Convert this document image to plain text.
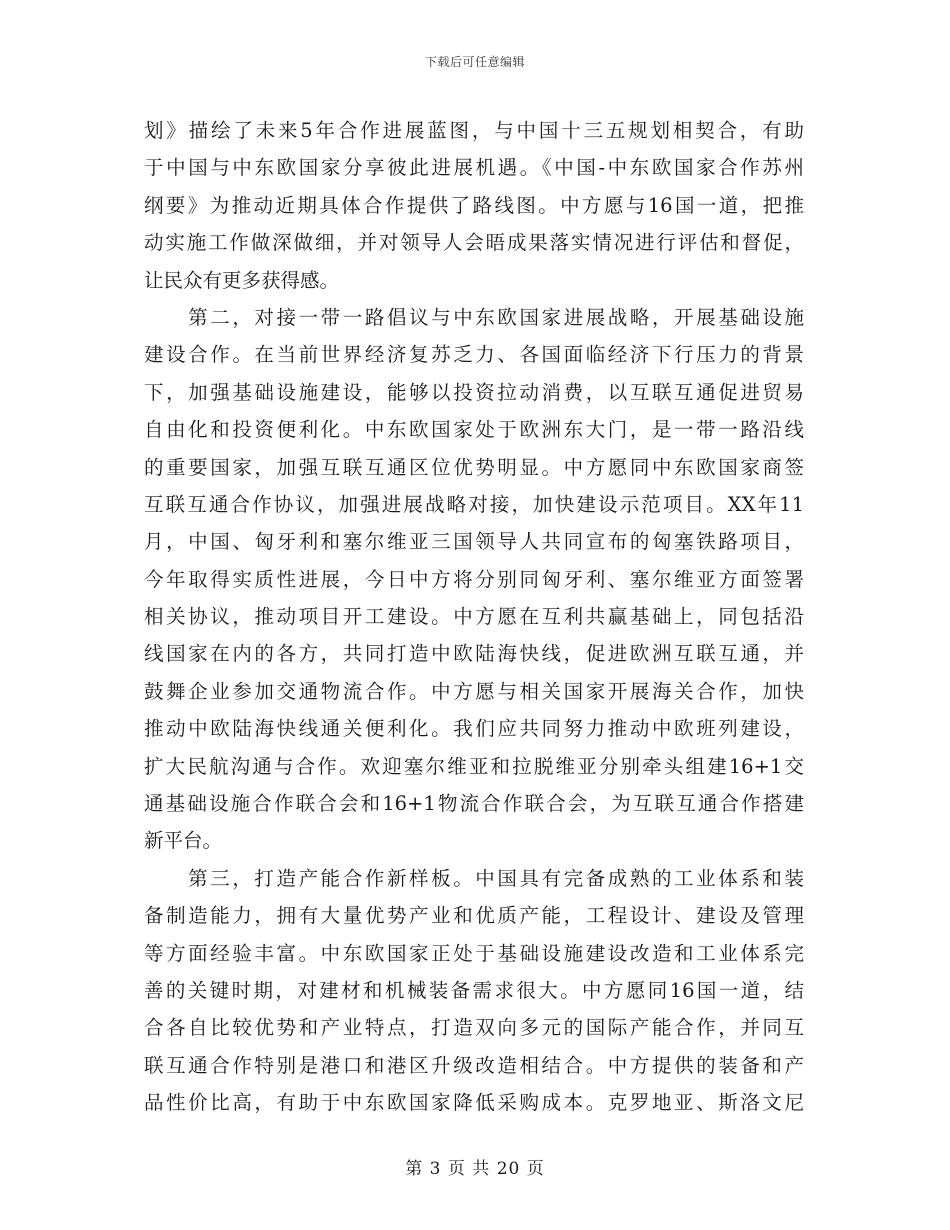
下载后可任意编辑
划》描绘了未来5年合作进展蓝图，与中国十三五规划相契合，有助
于中国与中东欧国家分享彼此进展机遇。《中国-中东欧国家合作苏州
纲要》为推动近期具体合作提供了路线图。中方愿与16国一道，把推
动实施工作做深做细，并对领导人会晤成果落实情况进行评估和督促，
让民众有更多获得感。
　　第二，对接一带一路倡议与中东欧国家进展战略，开展基础设施
建设合作。在当前世界经济复苏乏力、各国面临经济下行压力的背景
下，加强基础设施建设，能够以投资拉动消费，以互联互通促进贸易
自由化和投资便利化。中东欧国家处于欧洲东大门，是一带一路沿线
的重要国家，加强互联互通区位优势明显。中方愿同中东欧国家商签
互联互通合作协议，加强进展战略对接，加快建设示范项目。XX年11
月，中国、匈牙利和塞尔维亚三国领导人共同宣布的匈塞铁路项目，
今年取得实质性进展，今日中方将分别同匈牙利、塞尔维亚方面签署
相关协议，推动项目开工建设。中方愿在互利共赢基础上，同包括沿
线国家在内的各方，共同打造中欧陆海快线，促进欧洲互联互通，并
鼓舞企业参加交通物流合作。中方愿与相关国家开展海关合作，加快
推动中欧陆海快线通关便利化。我们应共同努力推动中欧班列建设，
扩大民航沟通与合作。欢迎塞尔维亚和拉脱维亚分别牵头组建16+1交
通基础设施合作联合会和16+1物流合作联合会，为互联互通合作搭建
新平台。
　　第三，打造产能合作新样板。中国具有完备成熟的工业体系和装
备制造能力，拥有大量优势产业和优质产能，工程设计、建设及管理
等方面经验丰富。中东欧国家正处于基础设施建设改造和工业体系完
善的关键时期，对建材和机械装备需求很大。中方愿同16国一道，结
合各自比较优势和产业特点，打造双向多元的国际产能合作，并同互
联互通合作特别是港口和港区升级改造相结合。中方提供的装备和产
品性价比高，有助于中东欧国家降低采购成本。克罗地亚、斯洛文尼
第 3 页 共 20 页
